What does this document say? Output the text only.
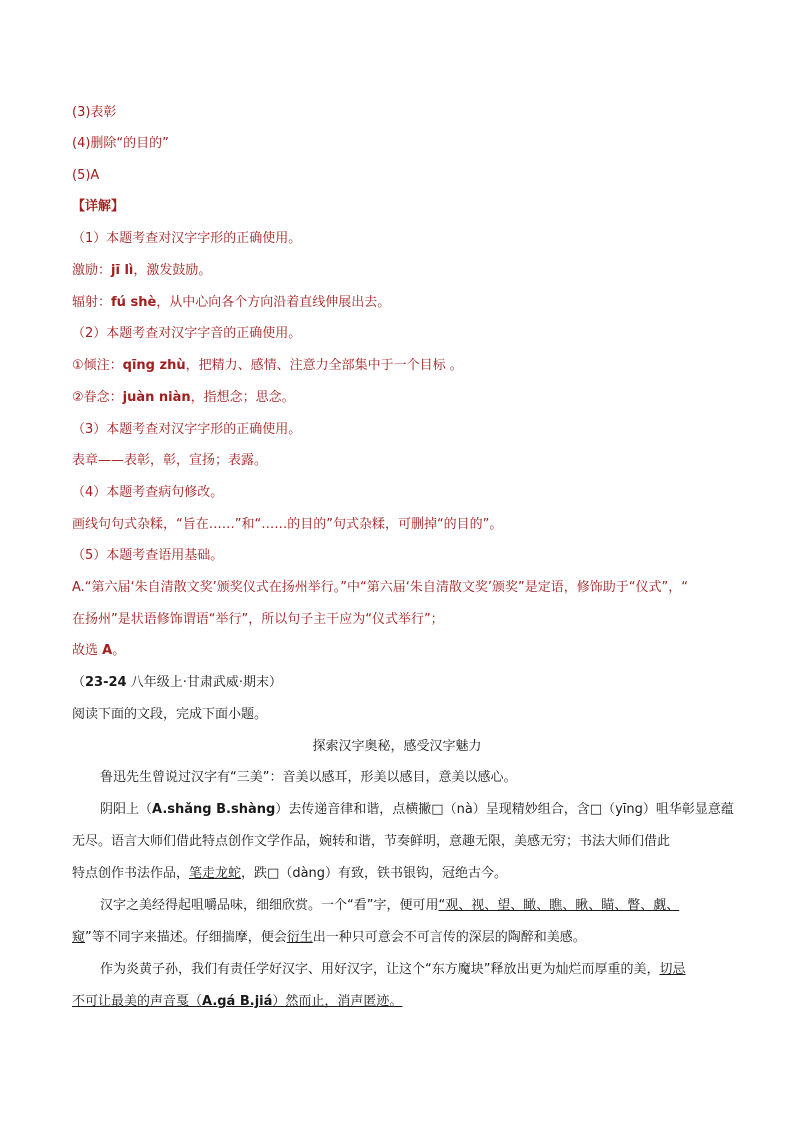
(3)表彰
(4)删除“的目的”
(5)A
【详解】
（1）本题考查对汉字字形的正确使用。
激励：jī lì，激发鼓励。
辐射：fú shè，从中心向各个方向沿着直线伸展出去。
（2）本题考查对汉字字音的正确使用。
①倾注：qīng zhù，把精力、感情、注意力全部集中于一个目标 。
②眷念：juàn niàn，指想念；思念。
（3）本题考查对汉字字形的正确使用。
表章——表彰，彰，宣扬；表露。
（4）本题考查病句修改。
画线句句式杂糅，“旨在……”和“……的目的”句式杂糅，可删掉“的目的”。
（5）本题考查语用基础。
A.“第六届‘朱自清散文奖’颁奖仪式在扬州举行。”中“第六届‘朱自清散文奖’颁奖”是定语，修饰助于“仪式”，“
在扬州”是状语修饰谓语“举行”，所以句子主干应为“仪式举行”；
故选 A。
（23-24 八年级上·甘肃武威·期末）
阅读下面的文段，完成下面小题。
探索汉字奥秘，感受汉字魅力
鲁迅先生曾说过汉字有“三美”：音美以感耳，形美以感目，意美以感心。
阴阳上（A.shǎng B.shàng）去传递音律和谐，点横撇□（nà）呈现精妙组合，含□（yīng）咀华彰显意蕴
无尽。语言大师们借此特点创作文学作品，婉转和谐，节奏鲜明，意趣无限，美感无穷；书法大师们借此
特点创作书法作品，笔走龙蛇，跌□（dàng）有致，铁书银钩，冠绝古今。
汉字之美经得起咀嚼品味，细细欣赏。一个“看”字，便可用“观、视、望、瞰、瞧、瞅、瞄、瞥、觑、
窥”等不同字来描述。仔细揣摩，便会衍生出一种只可意会不可言传的深层的陶醉和美感。
作为炎黄子孙，我们有责任学好汉字、用好汉字，让这个“东方魔块”释放出更为灿烂而厚重的美，切忌
不可让最美的声音戛（A.gá B.jiá）然而止，消声匿迹。
